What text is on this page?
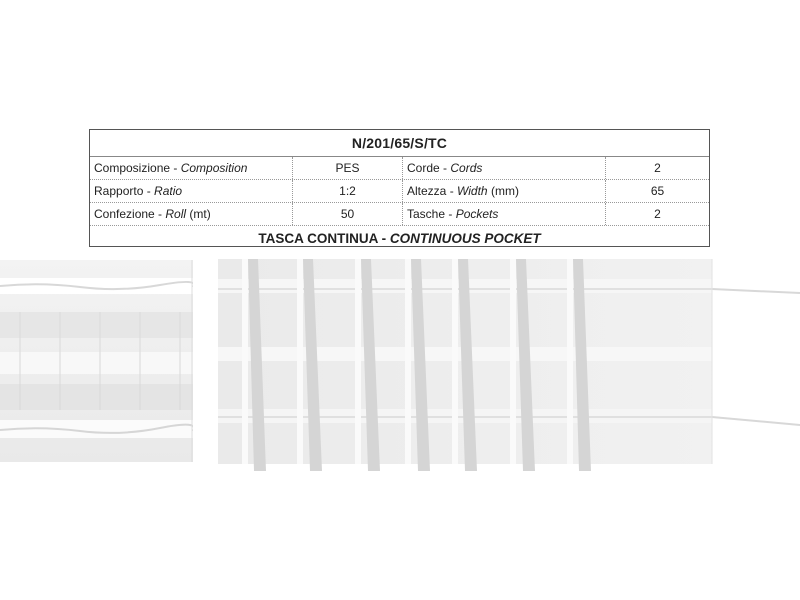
N/201/65/S/TC
Composizione - Composition	PES	Corde - Cords	2
Rapporto - Ratio	1:2	Altezza - Width (mm)	65
Confezione - Roll (mt)	50	Tasche - Pockets	2
TASCA CONTINUA - CONTINUOUS POCKET
